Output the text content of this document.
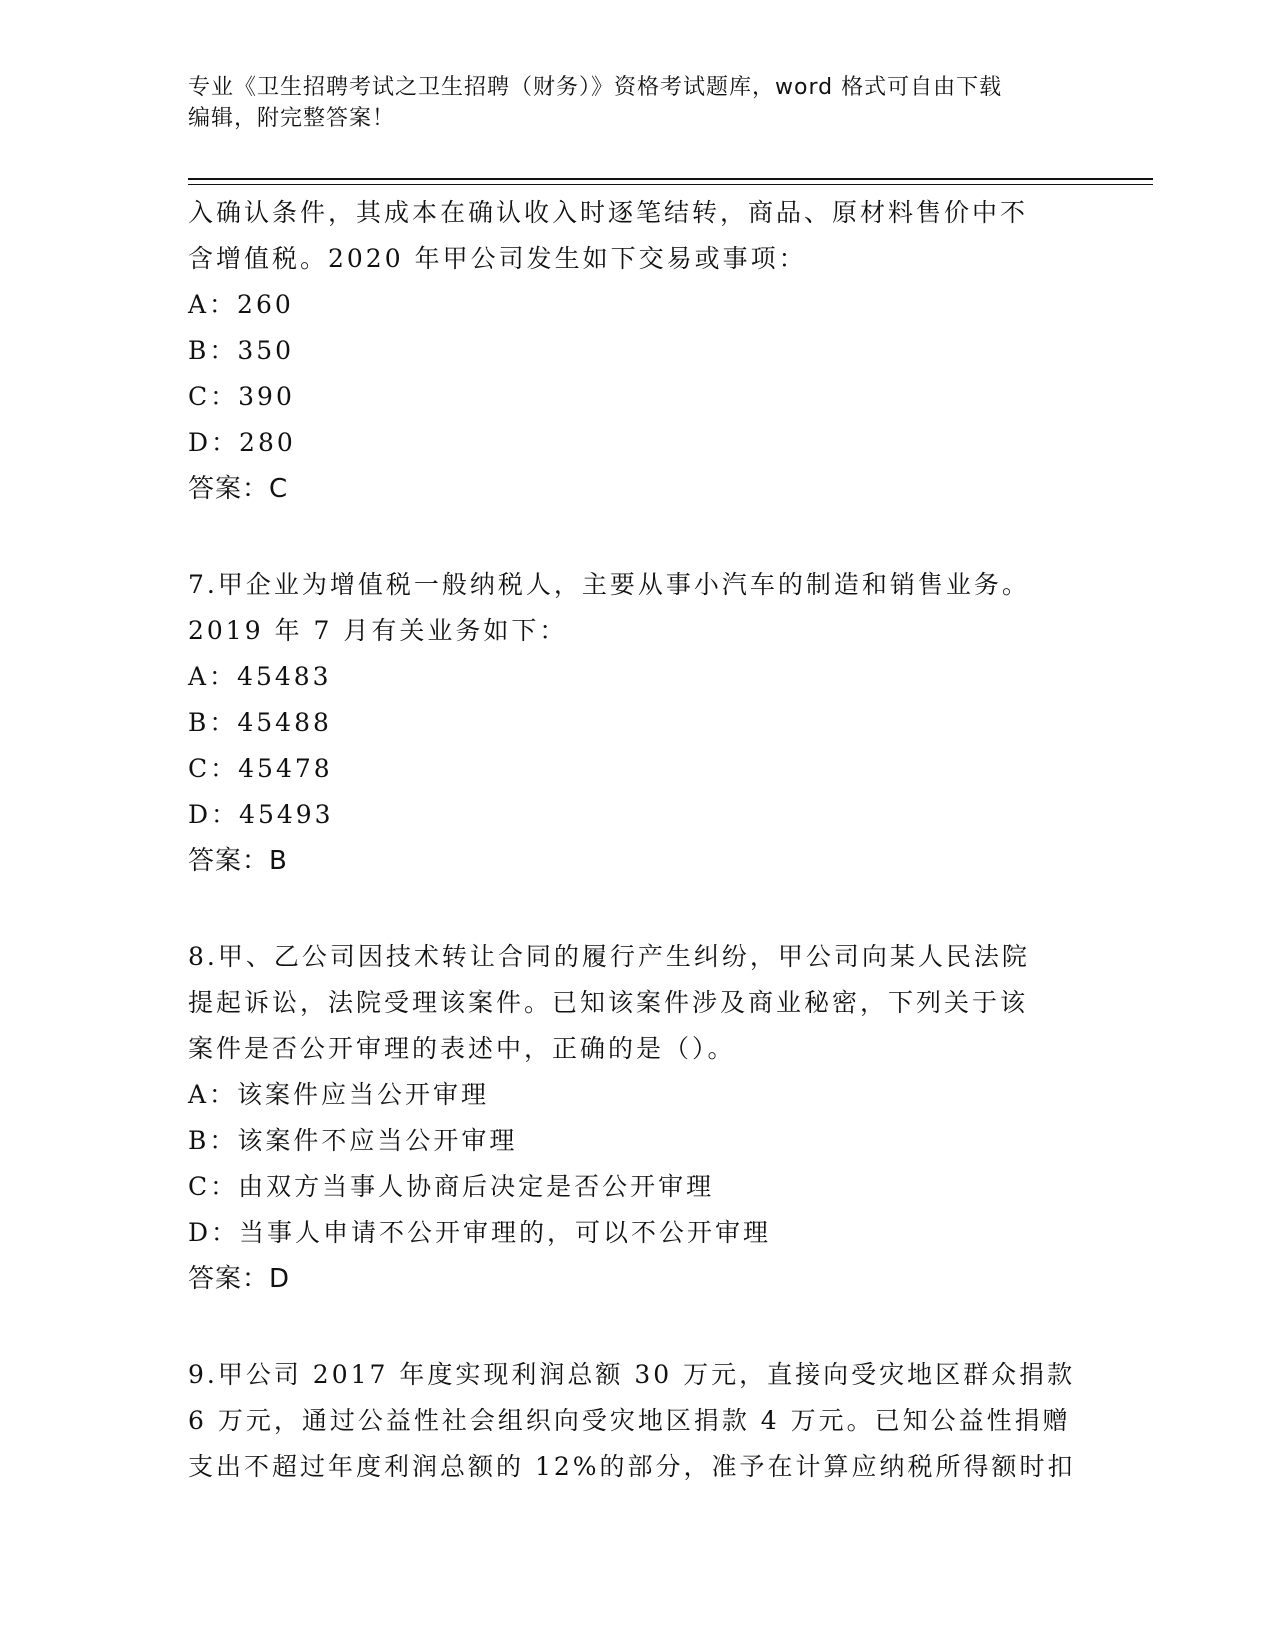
专业《卫生招聘考试之卫生招聘（财务）》资格考试题库，word 格式可自由下载
编辑，附完整答案！
入确认条件，其成本在确认收入时逐笔结转，商品、原材料售价中不
含增值税。2020 年甲公司发生如下交易或事项：
A：260
B：350
C：390
D：280
答案：C
7.甲企业为增值税一般纳税人，主要从事小汽车的制造和销售业务。
2019 年 7 月有关业务如下：
A：45483
B：45488
C：45478
D：45493
答案：B
8.甲、乙公司因技术转让合同的履行产生纠纷，甲公司向某人民法院
提起诉讼，法院受理该案件。已知该案件涉及商业秘密，下列关于该
案件是否公开审理的表述中，正确的是（）。
A：该案件应当公开审理
B：该案件不应当公开审理
C：由双方当事人协商后决定是否公开审理
D：当事人申请不公开审理的，可以不公开审理
答案：D
9.甲公司 2017 年度实现利润总额 30 万元，直接向受灾地区群众捐款
6 万元，通过公益性社会组织向受灾地区捐款 4 万元。已知公益性捐赠
支出不超过年度利润总额的 12%的部分，准予在计算应纳税所得额时扣
